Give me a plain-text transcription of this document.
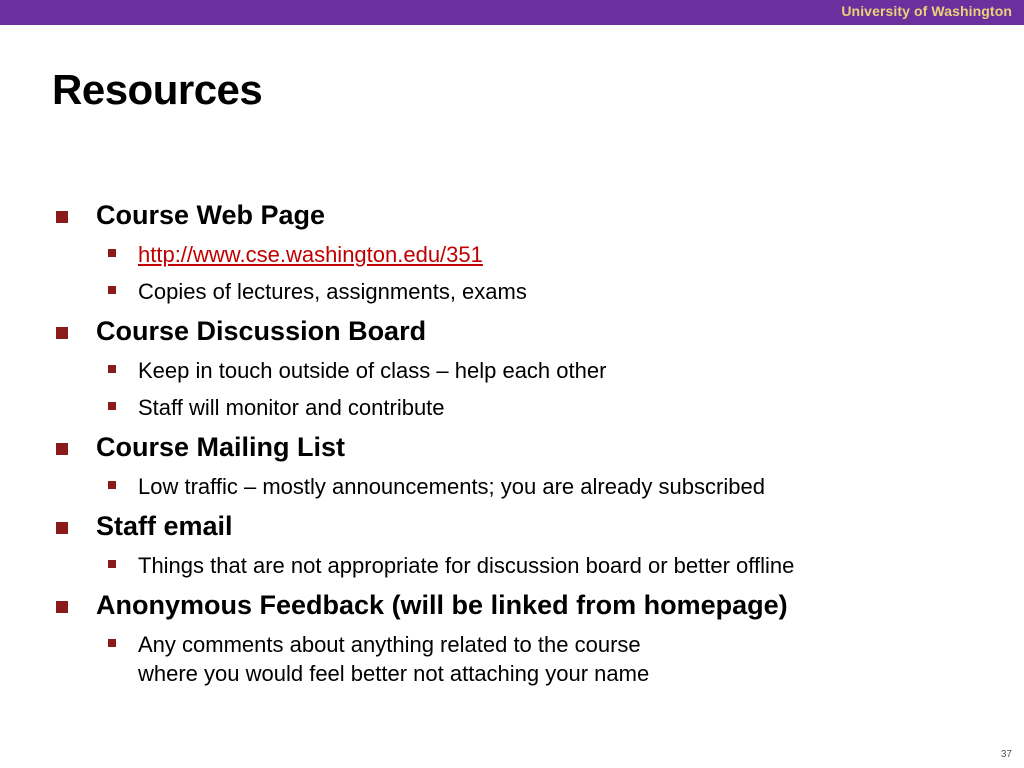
University of Washington
Resources
Course Web Page
http://www.cse.washington.edu/351
Copies of lectures, assignments, exams
Course Discussion Board
Keep in touch outside of class – help each other
Staff will monitor and contribute
Course Mailing List
Low traffic – mostly announcements; you are already subscribed
Staff email
Things that are not appropriate for discussion board or better offline
Anonymous Feedback (will be linked from homepage)
Any comments about anything related to the course
where you would feel better not attaching your name
37
